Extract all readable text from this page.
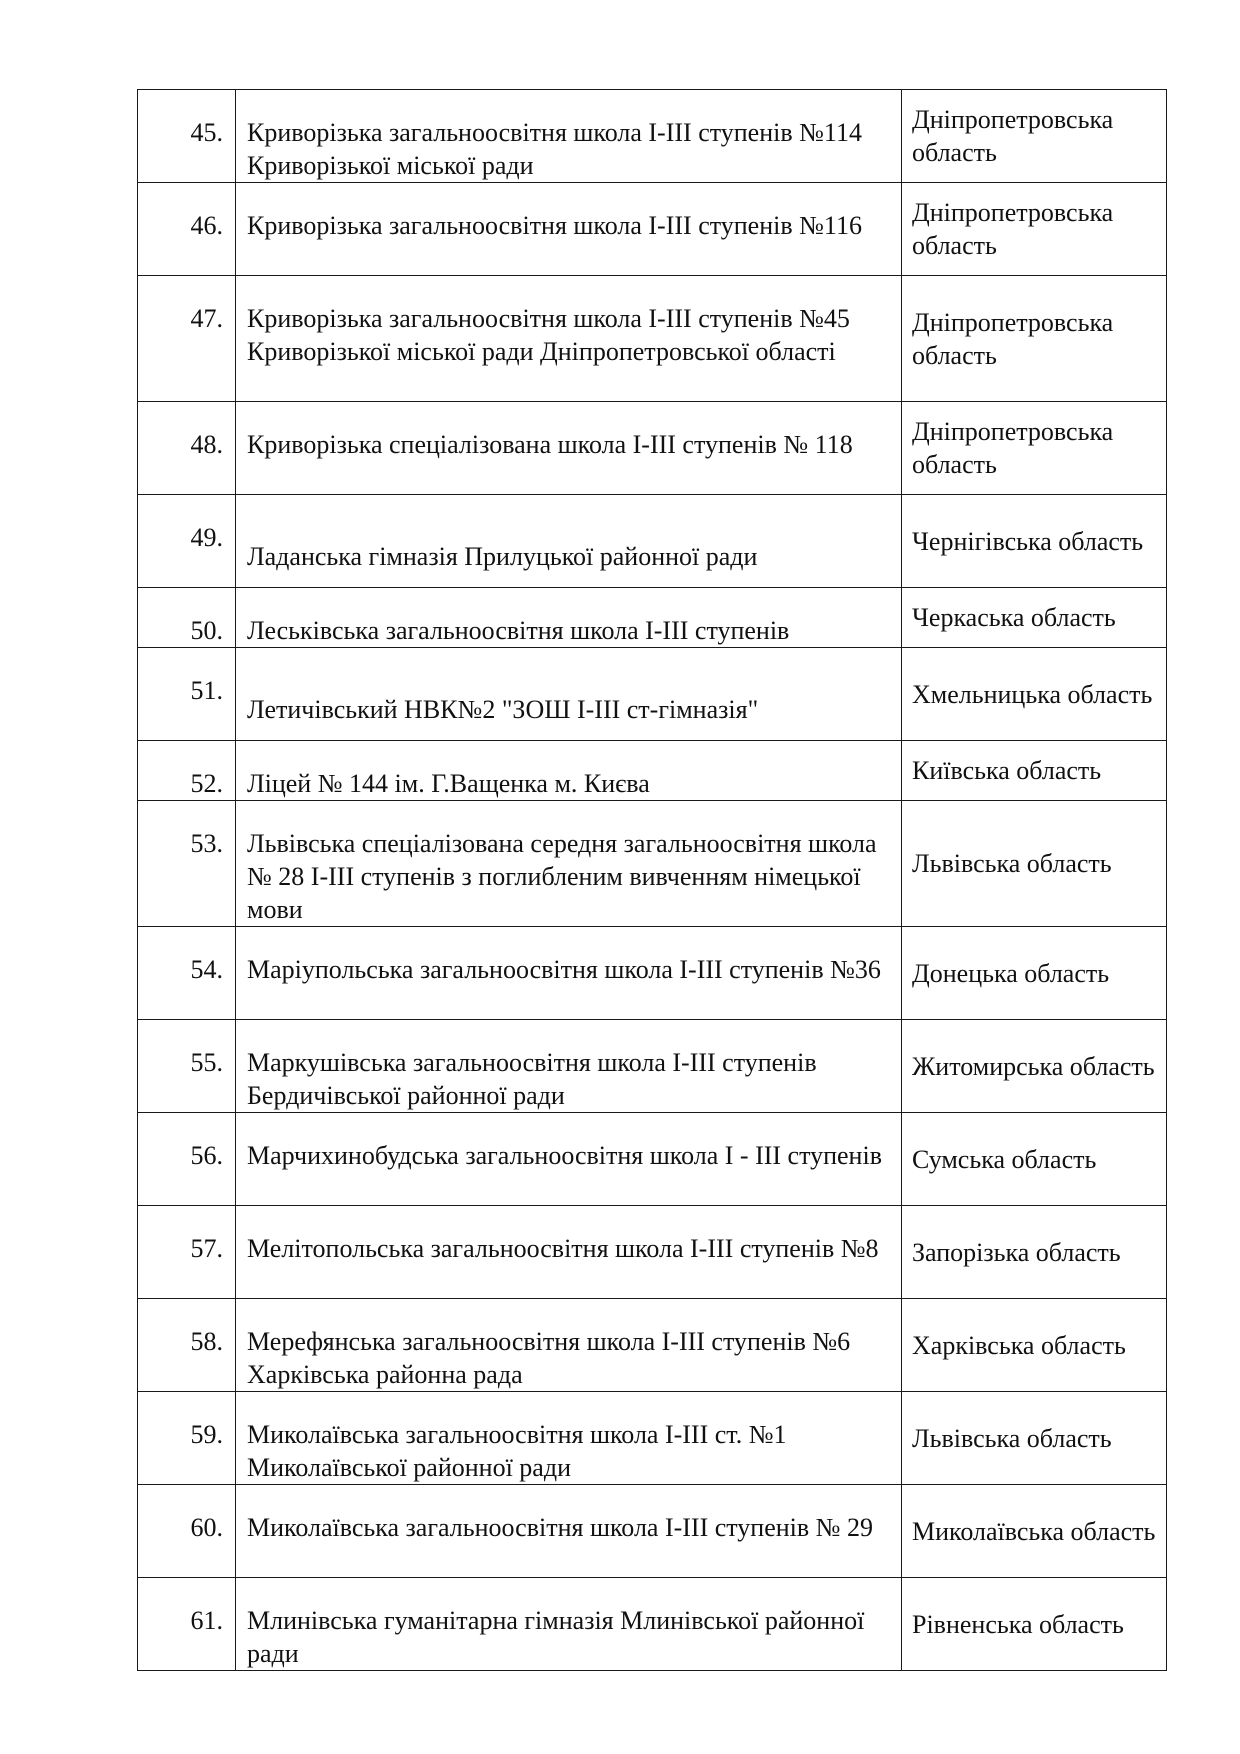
45.	Криворізька загальноосвітня школа І-ІІІ ступенів №114 Криворізької міської ради	Дніпропетровська область
46.	Криворізька загальноосвітня школа І-ІІІ ступенів №116	Дніпропетровська область
47.	Криворізька загальноосвітня школа І-ІІІ ступенів №45 Криворізької міської ради Дніпропетровської області	Дніпропетровська область
48.	Криворізька спеціалізована школа І-ІІІ ступенів № 118	Дніпропетровська область
49.	Ладанська гімназія Прилуцької районної ради	Чернігівська область
50.	Леськівська загальноосвітня школа І-ІІІ ступенів	Черкаська область
51.	Летичівський НВК№2 "ЗОШ І-ІІІ ст-гімназія"	Хмельницька область
52.	Ліцей № 144 ім. Г.Ващенка м. Києва	Київська область
53.	Львівська спеціалізована середня загальноосвітня школа № 28 І-ІІІ ступенів з поглибленим вивченням німецької мови	Львівська область
54.	Маріупольська загальноосвітня школа І-ІІІ ступенів №36	Донецька область
55.	Маркушівська загальноосвітня школа І-ІІІ ступенів Бердичівської районної ради	Житомирська область
56.	Марчихинобудська загальноосвітня школа І - ІІІ ступенів	Сумська область
57.	Мелітопольська загальноосвітня школа І-ІІІ ступенів №8	Запорізька область
58.	Мерефянська загальноосвітня школа І-ІІІ ступенів №6 Харківська районна рада	Харківська область
59.	Миколаївська загальноосвітня школа І-ІІІ ст. №1 Миколаївської районної ради	Львівська область
60.	Миколаївська загальноосвітня школа І-ІІІ ступенів № 29	Миколаївська область
61.	Млинівська гуманітарна гімназія Млинівської районної ради	Рівненська область
